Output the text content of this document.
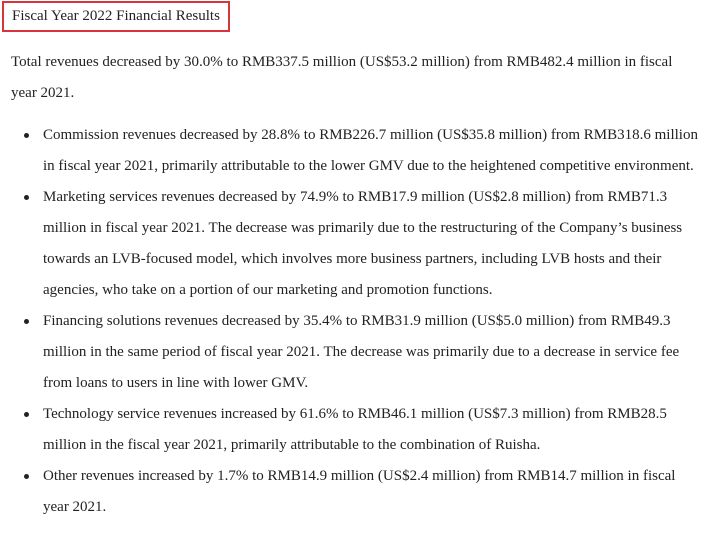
Fiscal Year 2022 Financial Results

Total revenues decreased by 30.0% to RMB337.5 million (US$53.2 million) from RMB482.4 million in fiscal year 2021.

Commission revenues decreased by 28.8% to RMB226.7 million (US$35.8 million) from RMB318.6 million in fiscal year 2021, primarily attributable to the lower GMV due to the heightened competitive environment.
Marketing services revenues decreased by 74.9% to RMB17.9 million (US$2.8 million) from RMB71.3 million in fiscal year 2021. The decrease was primarily due to the restructuring of the Company’s business towards an LVB-focused model, which involves more business partners, including LVB hosts and their agencies, who take on a portion of our marketing and promotion functions.
Financing solutions revenues decreased by 35.4% to RMB31.9 million (US$5.0 million) from RMB49.3 million in the same period of fiscal year 2021. The decrease was primarily due to a decrease in service fee from loans to users in line with lower GMV.
Technology service revenues increased by 61.6% to RMB46.1 million (US$7.3 million) from RMB28.5 million in the fiscal year 2021, primarily attributable to the combination of Ruisha.
Other revenues increased by 1.7% to RMB14.9 million (US$2.4 million) from RMB14.7 million in fiscal year 2021.
